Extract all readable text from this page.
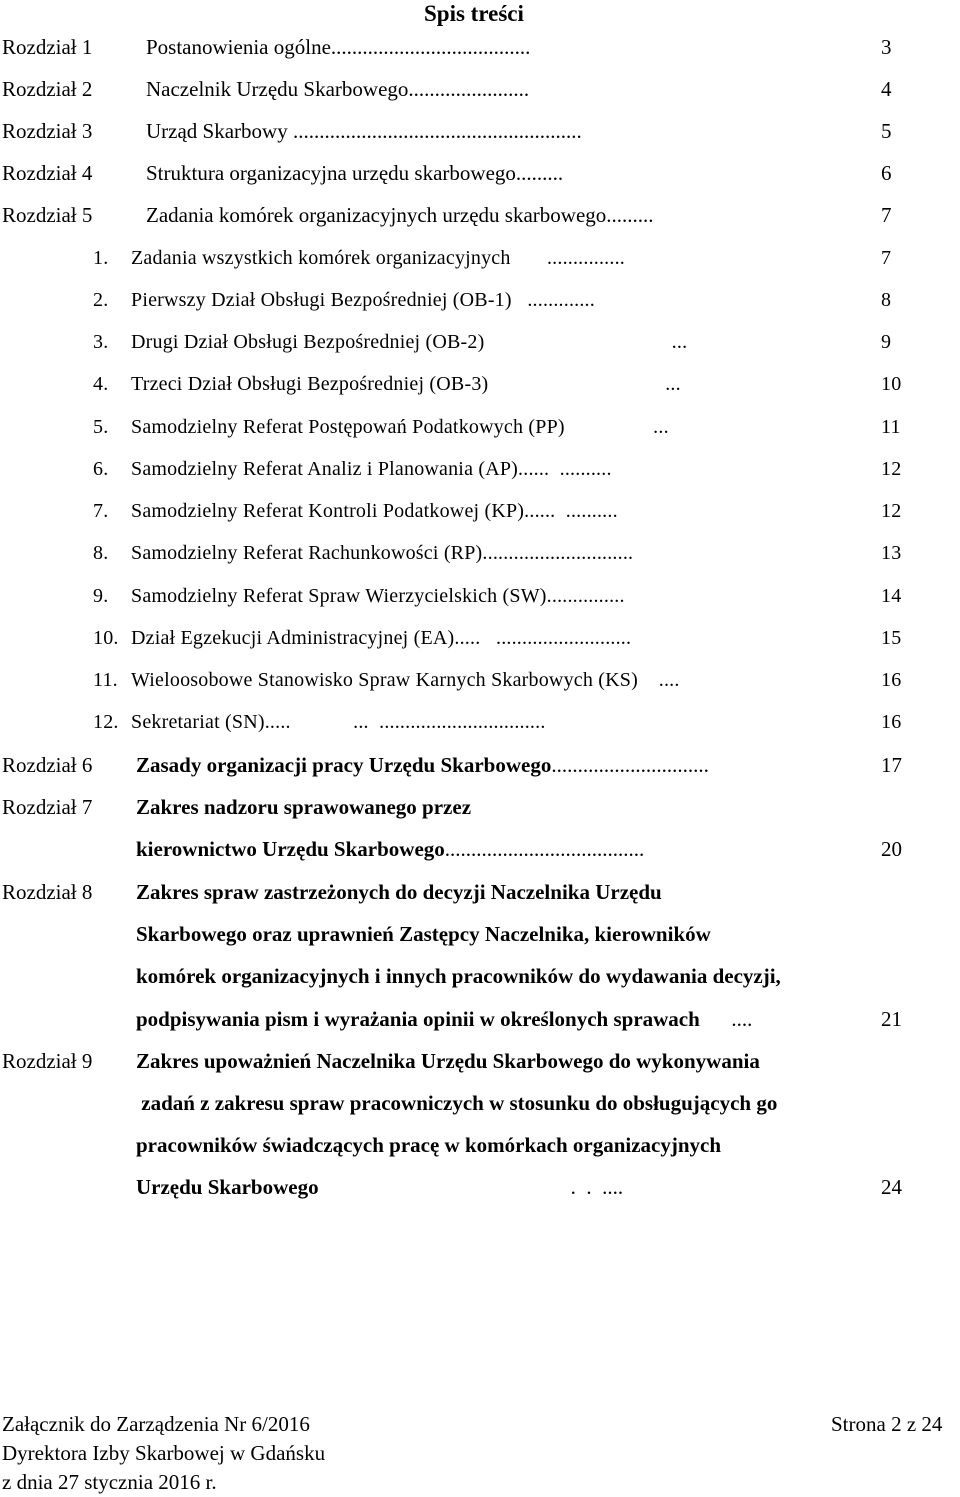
Spis treści
Rozdział 1	Postanowienia ogólne......................................	3
Rozdział 2	Naczelnik Urzędu Skarbowego.......................	4
Rozdział 3	Urząd Skarbowy .......................................................	5
Rozdział 4	Struktura organizacyjna urzędu skarbowego.........	6
Rozdział 5	Zadania komórek organizacyjnych urzędu skarbowego.........	7
1. Zadania wszystkich komórek organizacyjnych       ...............	7
2. Pierwszy Dział Obsługi Bezpośredniej (OB-1)   .............	8
3. Drugi Dział Obsługi Bezpośredniej (OB-2)                                    ...	9
4. Trzeci Dział Obsługi Bezpośredniej (OB-3)                                  ...	10
5. Samodzielny Referat Postępowań Podatkowych (PP)                 ...	11
6. Samodzielny Referat Analiz i Planowania (AP)......  ..........	12
7. Samodzielny Referat Kontroli Podatkowej (KP)......  ..........	12
8. Samodzielny Referat Rachunkowości (RP).............................	13
9. Samodzielny Referat Spraw Wierzycielskich (SW)...............	14
10. Dział Egzekucji Administracyjnej (EA).....   ..........................	15
11. Wieloosobowe Stanowisko Spraw Karnych Skarbowych (KS)    ....	16
12. Sekretariat (SN).....            ...  ................................	16
Rozdział 6 Zasady organizacji pracy Urzędu Skarbowego..............................	17
Rozdział 7 Zakres nadzoru sprawowanego przez
kierownictwo Urzędu Skarbowego......................................	20
Rozdział 8 Zakres spraw zastrzeżonych do decyzji Naczelnika Urzędu
Skarbowego oraz uprawnień Zastępcy Naczelnika, kierowników
komórek organizacyjnych i innych pracowników do wydawania decyzji,
podpisywania pism i wyrażania opinii w określonych sprawach      ....	21
Rozdział 9 Zakres upoważnień Naczelnika Urzędu Skarbowego do wykonywania
zadań z zakresu spraw pracowniczych w stosunku do obsługujących go
pracowników świadczących pracę w komórkach organizacyjnych
Urzędu Skarbowego                                                .  .  ....	24
Załącznik do Zarządzenia Nr 6/2016
Dyrektora Izby Skarbowej w Gdańsku
z dnia 27 stycznia 2016 r.
Strona 2 z 24
